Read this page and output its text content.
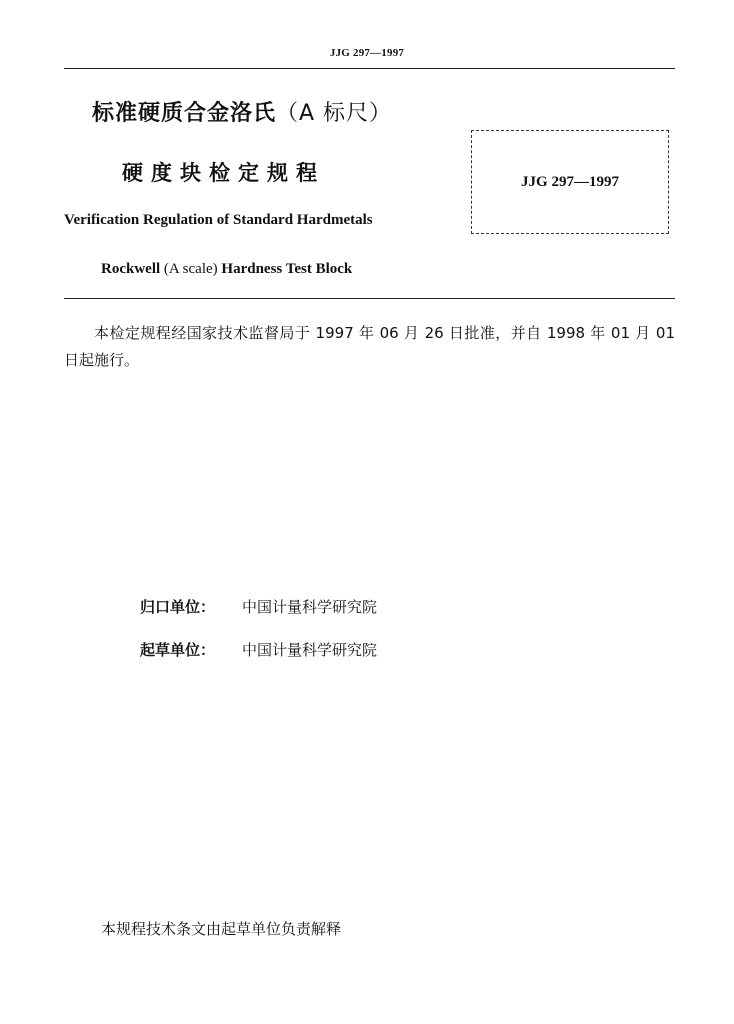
JJG 297—1997
标准硬质合金洛氏（A 标尺）
硬度块检定规程	JJG 297—1997
Verification Regulation of Standard Hardmetals
Rockwell (A scale) Hardness Test Block
本检定规程经国家技术监督局于 1997 年 06 月 26 日批准，并自 1998 年 01 月 01 日起施行。
归口单位： 中国计量科学研究院
起草单位： 中国计量科学研究院
本规程技术条文由起草单位负责解释
